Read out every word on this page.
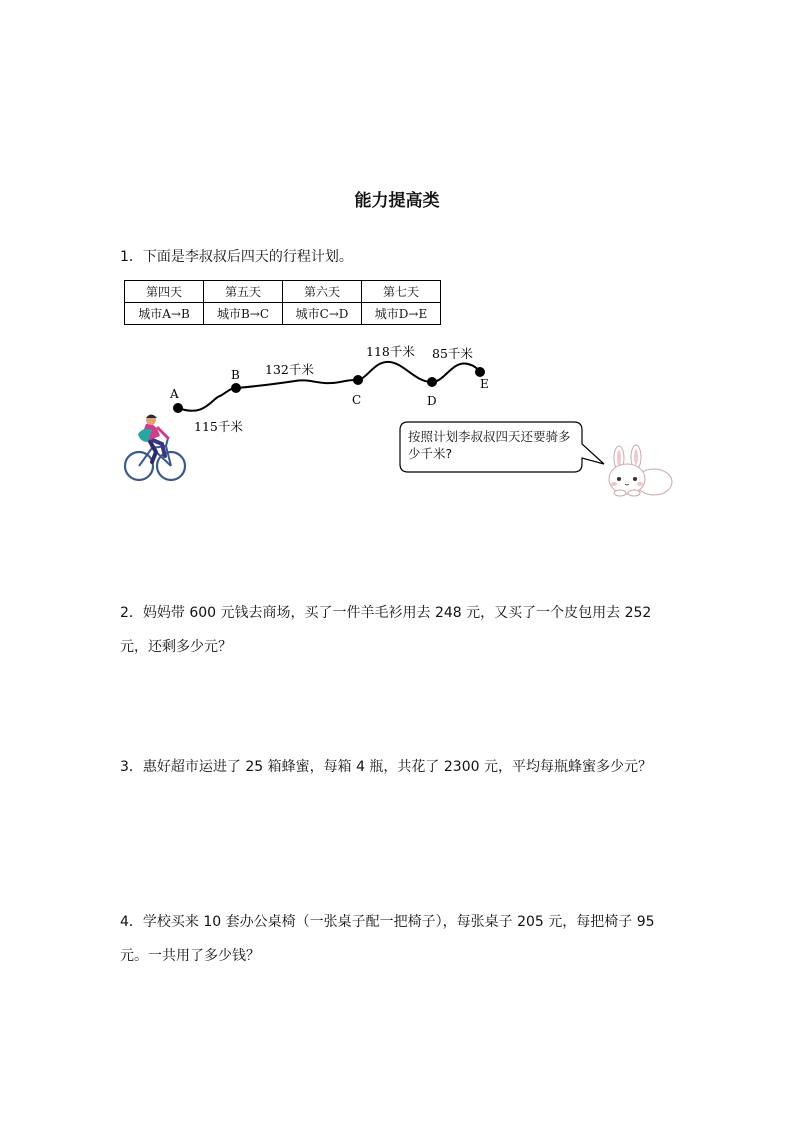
能力提高类
1．下面是李叔叔后四天的行程计划。
第四天	第五天	第六天	第七天
城市A→B	城市B→C	城市C→D	城市D→E
A
B
C	D
E
115千米
132千米
118千米 85千米
按照计划李叔叔四天还要骑多少千米?
2．妈妈带 600 元钱去商场，买了一件羊毛衫用去 248 元，又买了一个皮包用去 252 元，还剩多少元？
3．惠好超市运进了 25 箱蜂蜜，每箱 4 瓶，共花了 2300 元，平均每瓶蜂蜜多少元？
4．学校买来 10 套办公桌椅（一张桌子配一把椅子），每张桌子 205 元，每把椅子 95 元。一共用了多少钱？
